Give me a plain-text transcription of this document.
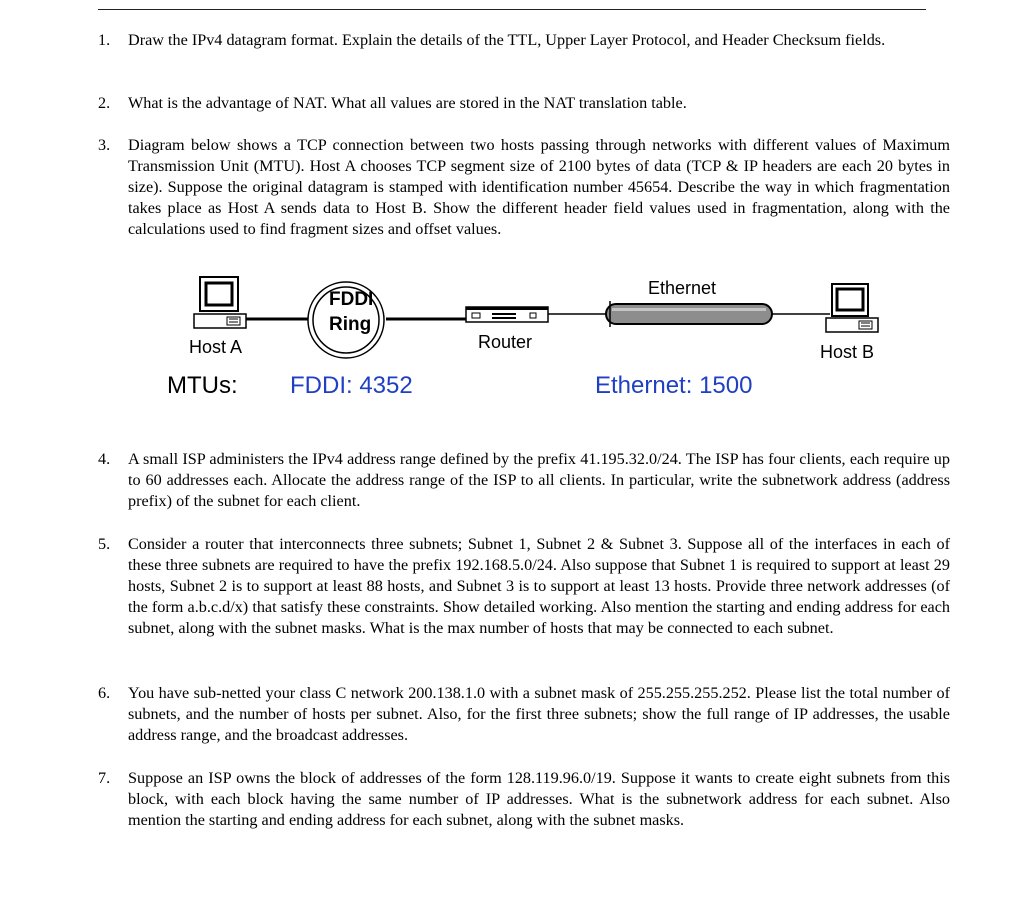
1.	Draw the IPv4 datagram format. Explain the details of the TTL, Upper Layer Protocol, and Header Checksum fields.
2.	What is the advantage of NAT. What all values are stored in the NAT translation table.
3.	Diagram below shows a TCP connection between two hosts passing through networks with different values of Maximum Transmission Unit (MTU). Host A chooses TCP segment size of 2100 bytes of data (TCP & IP headers are each 20 bytes in size). Suppose the original datagram is stamped with identification number 45654. Describe the way in which fragmentation takes place as Host A sends data to Host B. Show the different header field values used in fragmentation, along with the calculations used to find fragment sizes and offset values.
Host A
FDDI
Ring
Router
Ethernet
Host B
MTUs: FDDI: 4352	Ethernet: 1500
4.	A small ISP administers the IPv4 address range defined by the prefix 41.195.32.0/24. The ISP has four clients, each require up to 60 addresses each. Allocate the address range of the ISP to all clients. In particular, write the subnetwork address (address prefix) of the subnet for each client.
5.	Consider a router that interconnects three subnets; Subnet 1, Subnet 2 & Subnet 3. Suppose all of the interfaces in each of these three subnets are required to have the prefix 192.168.5.0/24. Also suppose that Subnet 1 is required to support at least 29 hosts, Subnet 2 is to support at least 88 hosts, and Subnet 3 is to support at least 13 hosts. Provide three network addresses (of the form a.b.c.d/x) that satisfy these constraints. Show detailed working. Also mention the starting and ending address for each subnet, along with the subnet masks. What is the max number of hosts that may be connected to each subnet.
6.	You have sub-netted your class C network 200.138.1.0 with a subnet mask of 255.255.255.252. Please list the total number of subnets, and the number of hosts per subnet. Also, for the first three subnets; show the full range of IP addresses, the usable address range, and the broadcast addresses.
7.	Suppose an ISP owns the block of addresses of the form 128.119.96.0/19. Suppose it wants to create eight subnets from this block, with each block having the same number of IP addresses. What is the subnetwork address for each subnet. Also mention the starting and ending address for each subnet, along with the subnet masks.
